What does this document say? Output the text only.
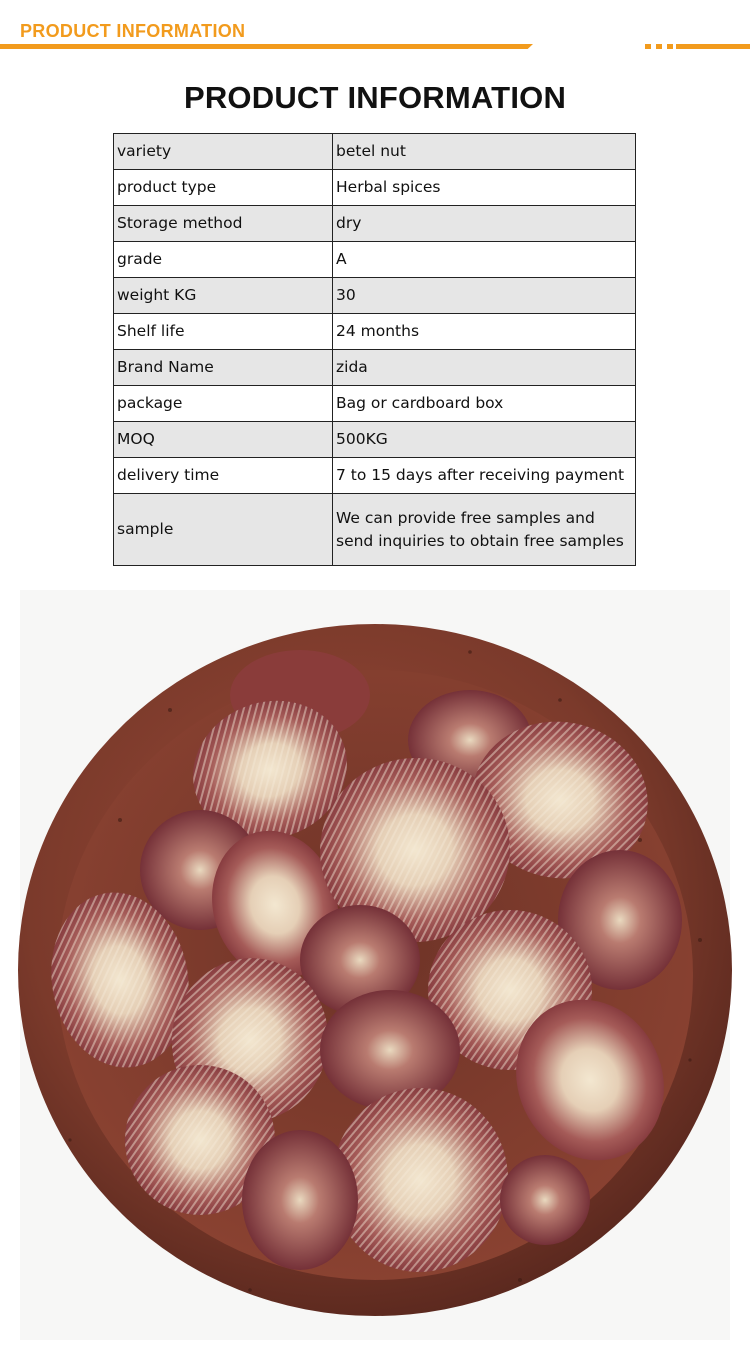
PRODUCT INFORMATION
PRODUCT INFORMATION
variety	betel nut
product type	Herbal spices
Storage method	dry
grade	A
weight KG	30
Shelf life	24 months
Brand Name	zida
package	Bag or cardboard box
MOQ	500KG
delivery time	7 to 15 days after receiving payment
sample	We can provide free samples and send inquiries to obtain free samples
